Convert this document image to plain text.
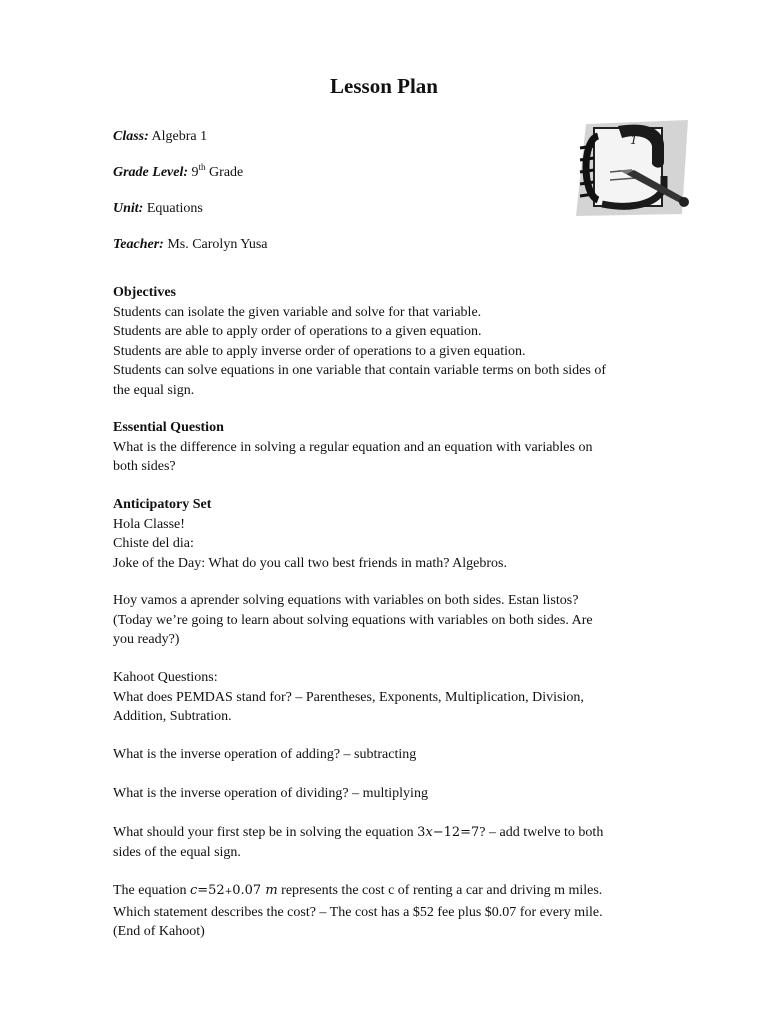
Lesson Plan
Class: Algebra 1
Grade Level: 9th Grade
Unit: Equations
Teacher: Ms. Carolyn Yusa
1
Objectives
Students can isolate the given variable and solve for that variable.
Students are able to apply order of operations to a given equation.
Students are able to apply inverse order of operations to a given equation.
Students can solve equations in one variable that contain variable terms on both sides of
the equal sign.
Essential Question
What is the difference in solving a regular equation and an equation with variables on
both sides?
Anticipatory Set
Hola Classe!
Chiste del dia:
Joke of the Day: What do you call two best friends in math? Algebros.
Hoy vamos a aprender solving equations with variables on both sides. Estan listos?
(Today we’re going to learn about solving equations with variables on both sides. Are
you ready?)
Kahoot Questions:
What does PEMDAS stand for? – Parentheses, Exponents, Multiplication, Division,
Addition, Subtration.
What is the inverse operation of adding? – subtracting
What is the inverse operation of dividing? – multiplying
What should your first step be in solving the equation 3x−12=7? – add twelve to both
sides of the equal sign.
The equation c=52+0.07 m represents the cost c of renting a car and driving m miles.
Which statement describes the cost? – The cost has a $52 fee plus $0.07 for every mile.
(End of Kahoot)
